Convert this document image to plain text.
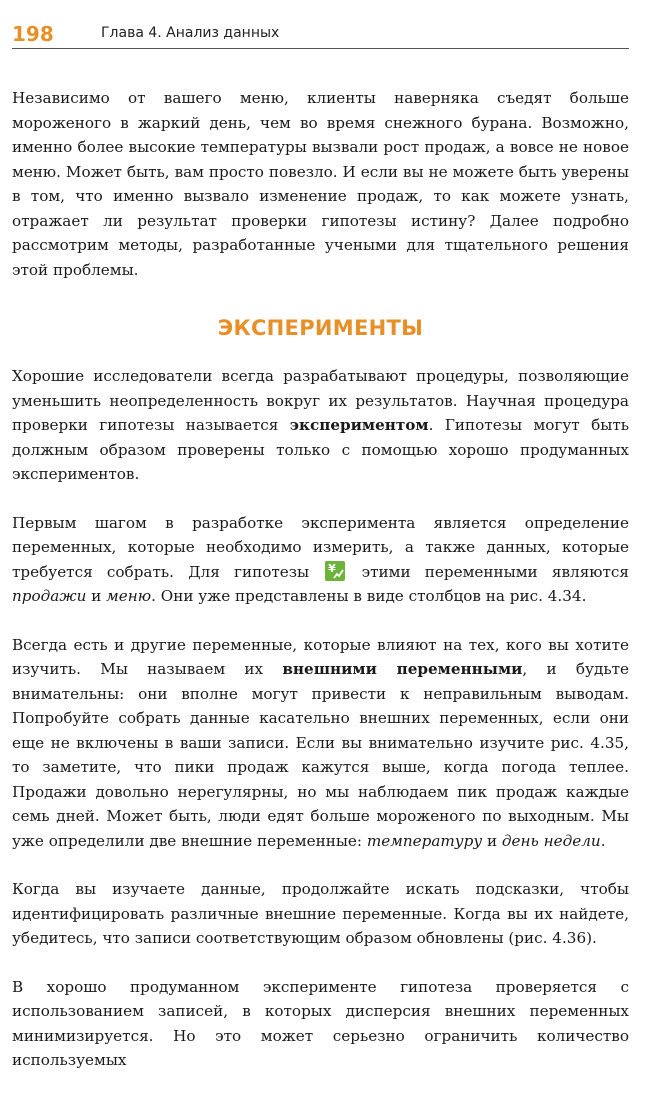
198	Глава 4. Анализ данных

Независимо от вашего меню, клиенты наверняка съедят больше мороженого в жаркий день, чем во время снежного бурана. Возможно, именно более высокие температуры вызвали рост продаж, а вовсе не новое меню. Может быть, вам просто повезло. И если вы не можете быть уверены в том, что именно вызвало изменение продаж, то как можете узнать, отражает ли результат проверки гипотезы истину? Далее подробно рассмотрим методы, разработанные учеными для тщательного решения этой проблемы.

ЭКСПЕРИМЕНТЫ

Хорошие исследователи всегда разрабатывают процедуры, позволяющие уменьшить неопределенность вокруг их результатов. Научная процедура проверки гипотезы называется экспериментом. Гипотезы могут быть должным образом проверены только с помощью хорошо продуманных экспериментов.

Первым шагом в разработке эксперимента является определение переменных, которые необходимо измерить, а также данных, которые требуется собрать. Для гипотезы ¥ этими переменными являются продажи и меню. Они уже представлены в виде столбцов на рис. 4.34.

Всегда есть и другие переменные, которые влияют на тех, кого вы хотите изучить. Мы называем их внешними переменными, и будьте внимательны: они вполне могут привести к неправильным выводам. Попробуйте собрать данные касательно внешних переменных, если они еще не включены в ваши записи. Если вы внимательно изучите рис. 4.35, то заметите, что пики продаж кажутся выше, когда погода теплее. Продажи довольно нерегулярны, но мы наблюдаем пик продаж каждые семь дней. Может быть, люди едят больше мороженого по выходным. Мы уже определили две внешние переменные: температуру и день недели.

Когда вы изучаете данные, продолжайте искать подсказки, чтобы идентифицировать различные внешние переменные. Когда вы их найдете, убедитесь, что записи соответствующим образом обновлены (рис. 4.36).

В хорошо продуманном эксперименте гипотеза проверяется с использованием записей, в которых дисперсия внешних переменных минимизируется. Но это может серьезно ограничить количество используемых
